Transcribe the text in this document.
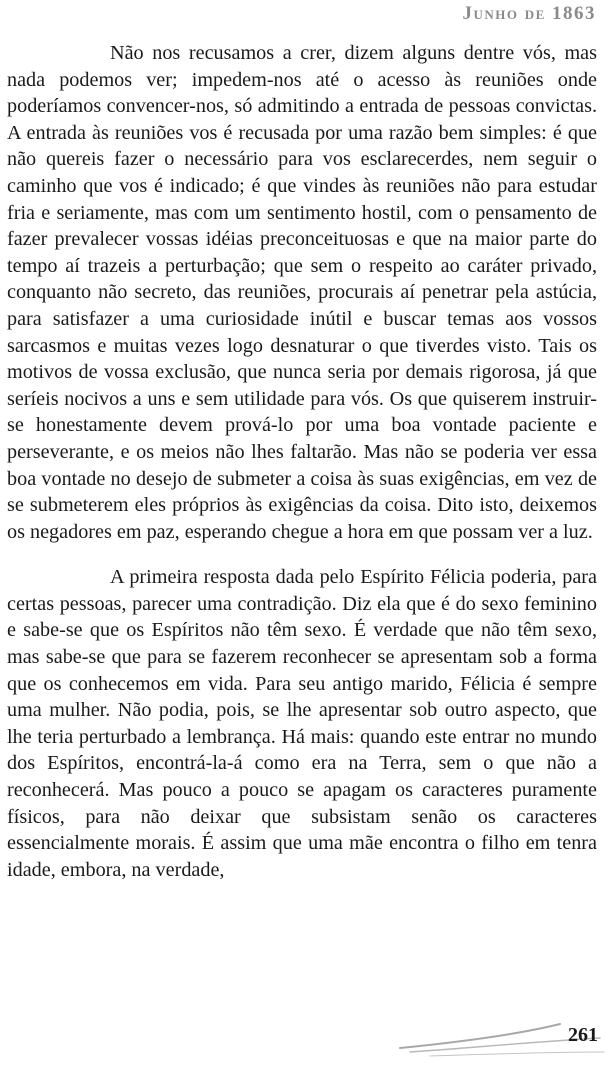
Junho de 1863

Não nos recusamos a crer, dizem alguns dentre vós, mas nada podemos ver; impedem-nos até o acesso às reuniões onde poderíamos convencer-nos, só admitindo a entrada de pessoas convictas. A entrada às reuniões vos é recusada por uma razão bem simples: é que não quereis fazer o necessário para vos esclarecerdes, nem seguir o caminho que vos é indicado; é que vindes às reuniões não para estudar fria e seriamente, mas com um sentimento hostil, com o pensamento de fazer prevalecer vossas idéias preconceituosas e que na maior parte do tempo aí trazeis a perturbação; que sem o respeito ao caráter privado, conquanto não secreto, das reuniões, procurais aí penetrar pela astúcia, para satisfazer a uma curiosidade inútil e buscar temas aos vossos sarcasmos e muitas vezes logo desnaturar o que tiverdes visto. Tais os motivos de vossa exclusão, que nunca seria por demais rigorosa, já que seríeis nocivos a uns e sem utilidade para vós. Os que quiserem instruir-se honestamente devem prová-lo por uma boa vontade paciente e perseverante, e os meios não lhes faltarão. Mas não se poderia ver essa boa vontade no desejo de submeter a coisa às suas exigências, em vez de se submeterem eles próprios às exigências da coisa. Dito isto, deixemos os negadores em paz, esperando chegue a hora em que possam ver a luz.

A primeira resposta dada pelo Espírito Félicia poderia, para certas pessoas, parecer uma contradição. Diz ela que é do sexo feminino e sabe-se que os Espíritos não têm sexo. É verdade que não têm sexo, mas sabe-se que para se fazerem reconhecer se apresentam sob a forma que os conhecemos em vida. Para seu antigo marido, Félicia é sempre uma mulher. Não podia, pois, se lhe apresentar sob outro aspecto, que lhe teria perturbado a lembrança. Há mais: quando este entrar no mundo dos Espíritos, encontrá-la-á como era na Terra, sem o que não a reconhecerá. Mas pouco a pouco se apagam os caracteres puramente físicos, para não deixar que subsistam senão os caracteres essencialmente morais. É assim que uma mãe encontra o filho em tenra idade, embora, na verdade,

261
